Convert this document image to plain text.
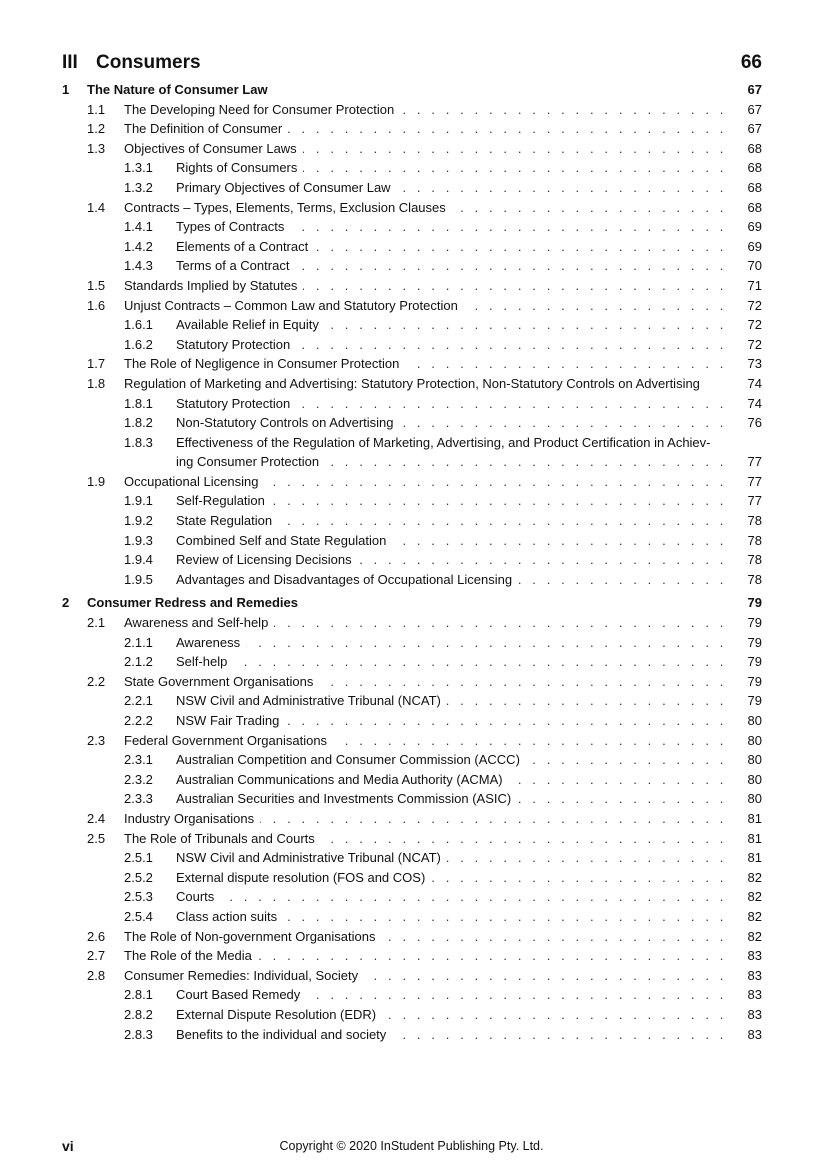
III Consumers	66
1 The Nature of Consumer Law	67
1.1 The Developing Need for Consumer Protection . . .	67
1.2 The Definition of Consumer . . .	67
1.3 Objectives of Consumer Laws . . .	68
1.3.1 Rights of Consumers . . .	68
1.3.2 Primary Objectives of Consumer Law . . .	68
1.4 Contracts – Types, Elements, Terms, Exclusion Clauses . . .	68
1.4.1 Types of Contracts . . .	69
1.4.2 Elements of a Contract . . .	69
1.4.3 Terms of a Contract . . .	70
1.5 Standards Implied by Statutes . . .	71
1.6 Unjust Contracts – Common Law and Statutory Protection . . .	72
1.6.1 Available Relief in Equity . . .	72
1.6.2 Statutory Protection . . .	72
1.7 The Role of Negligence in Consumer Protection . . .	73
1.8 Regulation of Marketing and Advertising: Statutory Protection, Non-Statutory Controls on Advertising	74
1.8.1 Statutory Protection . . .	74
1.8.2 Non-Statutory Controls on Advertising . . .	76
1.8.3 Effectiveness of the Regulation of Marketing, Advertising, and Product Certification in Achiev-
ing Consumer Protection . . .	77
1.9 Occupational Licensing . . .	77
1.9.1 Self-Regulation . . .	77
1.9.2 State Regulation . . .	78
1.9.3 Combined Self and State Regulation . . .	78
1.9.4 Review of Licensing Decisions . . .	78
1.9.5 Advantages and Disadvantages of Occupational Licensing . . .	78
2 Consumer Redress and Remedies	79
2.1 Awareness and Self-help . . .	79
2.1.1 Awareness . . .	79
2.1.2 Self-help . . .	79
2.2 State Government Organisations . . .	79
2.2.1 NSW Civil and Administrative Tribunal (NCAT) . . .	79
2.2.2 NSW Fair Trading . . .	80
2.3 Federal Government Organisations . . .	80
2.3.1 Australian Competition and Consumer Commission (ACCC) . . .	80
2.3.2 Australian Communications and Media Authority (ACMA) . . .	80
2.3.3 Australian Securities and Investments Commission (ASIC) . . .	80
2.4 Industry Organisations . . .	81
2.5 The Role of Tribunals and Courts . . .	81
2.5.1 NSW Civil and Administrative Tribunal (NCAT) . . .	81
2.5.2 External dispute resolution (FOS and COS) . . .	82
2.5.3 Courts . . .	82
2.5.4 Class action suits . . .	82
2.6 The Role of Non-government Organisations . . .	82
2.7 The Role of the Media . . .	83
2.8 Consumer Remedies: Individual, Society . . .	83
2.8.1 Court Based Remedy . . .	83
2.8.2 External Dispute Resolution (EDR) . . .	83
2.8.3 Benefits to the individual and society . . .	83
vi	Copyright © 2020 InStudent Publishing Pty. Ltd.
